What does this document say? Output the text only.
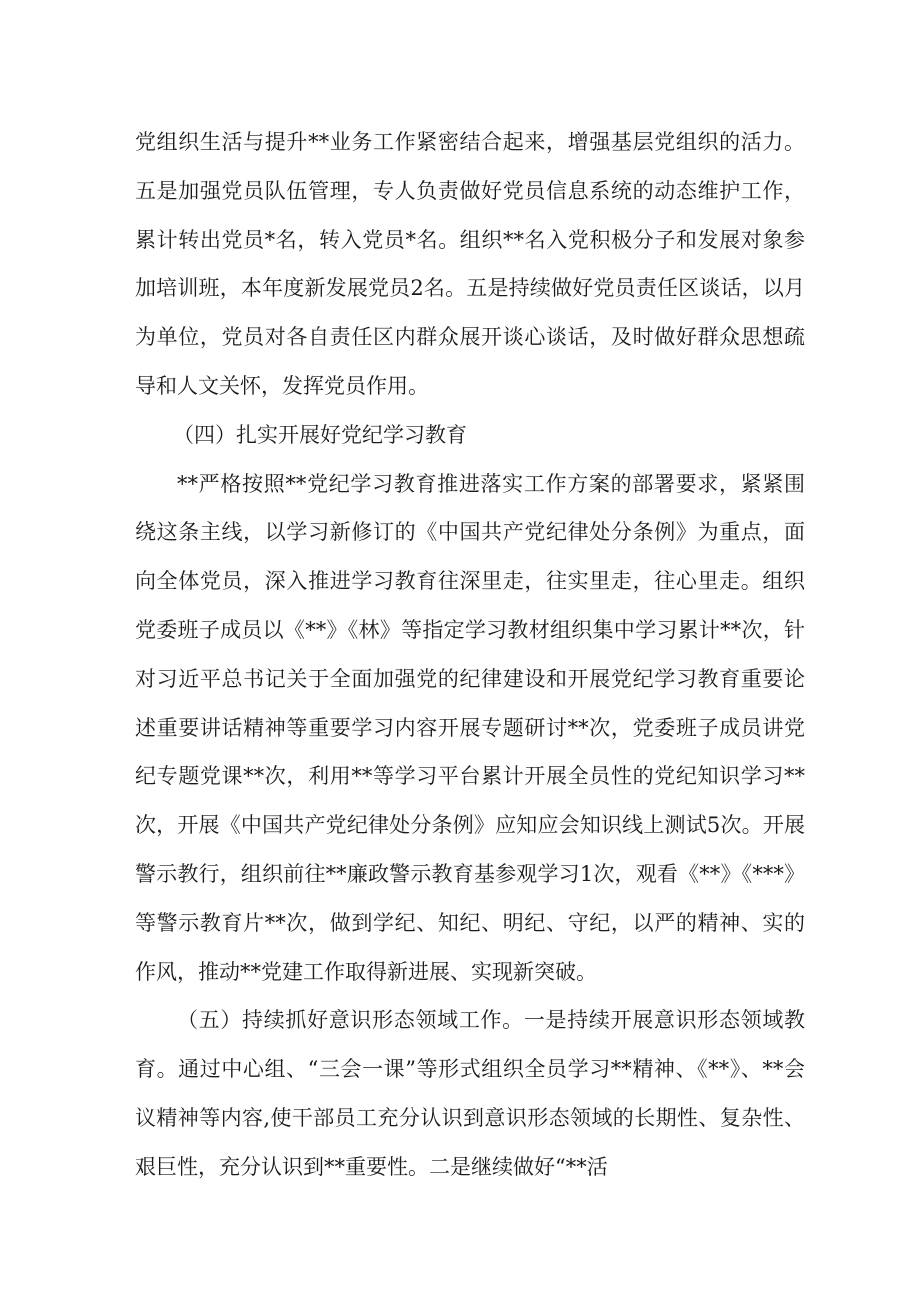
党组织生活与提升**业务工作紧密结合起来，增强基层党组织的活力。五是加强党员队伍管理，专人负责做好党员信息系统的动态维护工作，累计转出党员*名，转入党员*名。组织**名入党积极分子和发展对象参加培训班，本年度新发展党员2名。五是持续做好党员责任区谈话，以月为单位，党员对各自责任区内群众展开谈心谈话，及时做好群众思想疏导和人文关怀，发挥党员作用。

（四）扎实开展好党纪学习教育

**严格按照**党纪学习教育推进落实工作方案的部署要求，紧紧围绕这条主线，以学习新修订的《中国共产党纪律处分条例》为重点，面向全体党员，深入推进学习教育往深里走，往实里走，往心里走。组织党委班子成员以《**》《林》等指定学习教材组织集中学习累计**次，针对习近平总书记关于全面加强党的纪律建设和开展党纪学习教育重要论述重要讲话精神等重要学习内容开展专题研讨**次，党委班子成员讲党纪专题党课**次，利用**等学习平台累计开展全员性的党纪知识学习**次，开展《中国共产党纪律处分条例》应知应会知识线上测试5次。开展警示教行，组织前往**廉政警示教育基参观学习1次，观看《**》《***》等警示教育片**次，做到学纪、知纪、明纪、守纪，以严的精神、实的作风，推动**党建工作取得新进展、实现新突破。

（五）持续抓好意识形态领域工作。一是持续开展意识形态领域教育。通过中心组、“三会一课”等形式组织全员学习**精神、《**》、**会议精神等内容,使干部员工充分认识到意识形态领域的长期性、复杂性、艰巨性，充分认识到**重要性。二是继续做好“**活
